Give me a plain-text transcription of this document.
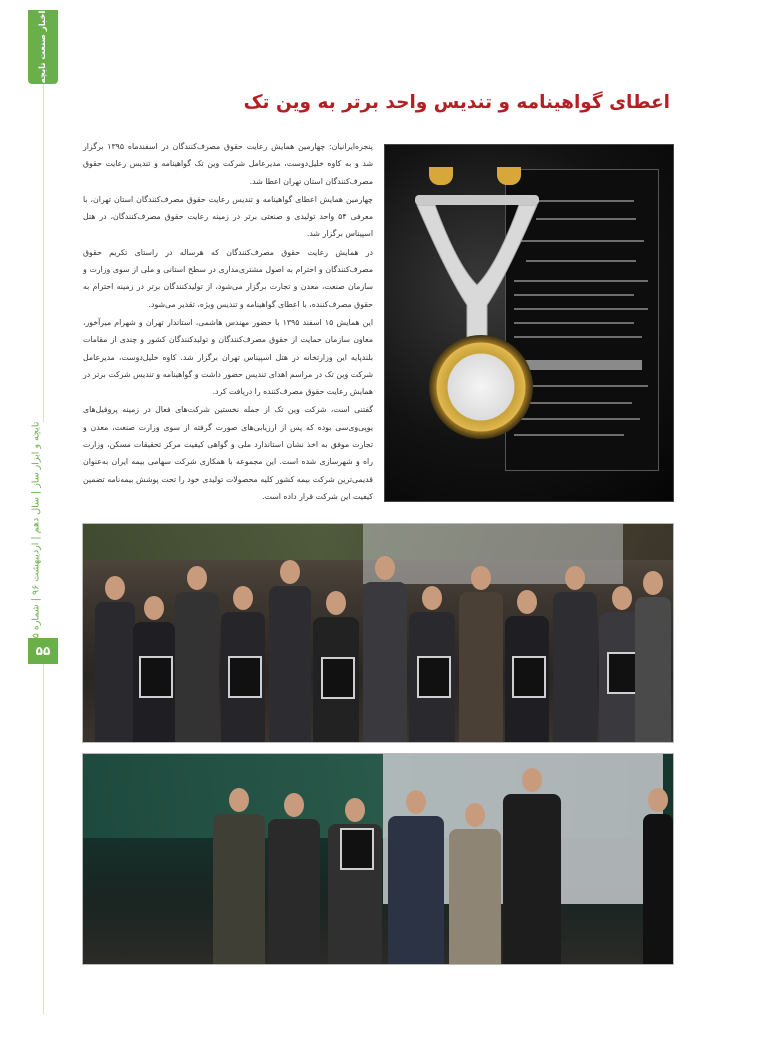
اخبار صنعت تایچه
تایچه و ابزار ساز | سال دهم | اردیبهشت ۹۶ | شماره
۵۵
اعطای گواهینامه و تندیس واحد برتر به وین تک

پنجره‌ایرانیان: چهارمین همایش رعایت حقوق مصرف‌کنندگان در اسفندماه ۱۳۹۵ برگزار شد و به کاوه خلیل‌دوست، مدیرعامل شرکت وین تک گواهینامه و تندیس رعایت حقوق مصرف‌کنندگان استان تهران اعطا شد.

چهارمین همایش اعطای گواهینامه و تندیس رعایت حقوق مصرف‌کنندگان استان تهران، با معرفی ۵۴ واحد تولیدی و صنعتی برتر در زمینه رعایت حقوق مصرف‌کنندگان، در هتل اسپیناس برگزار شد.

در همایش رعایت حقوق مصرف‌کنندگان که هرساله در راستای تکریم حقوق مصرف‌کنندگان و احترام به اصول مشتری‌مداری در سطح استانی و ملی از سوی وزارت و سازمان صنعت، معدن و تجارت برگزار می‌شود، از تولیدکنندگان برتر در زمینه احترام به حقوق مصرف‌کننده، با اعطای گواهینامه و تندیس ویژه، تقدیر می‌شود.

این همایش ۱۵ اسفند ۱۳۹۵ با حضور مهندس هاشمی، استاندار تهران و شهرام میرآخور، معاون سازمان حمایت از حقوق مصرف‌کنندگان و تولیدکنندگان کشور و چندی از مقامات بلندپایه این وزارتخانه در هتل اسپیناس تهران برگزار شد. کاوه خلیل‌دوست، مدیرعامل شرکت وین تک در مراسم اهدای تندیس حضور داشت و گواهینامه و تندیس شرکت برتر در همایش رعایت حقوق مصرف‌کننده را دریافت کرد.

گفتنی است، شرکت وین تک از جمله نخستین شرکت‌های فعال در زمینه پروفیل‌های یوپی‌وی‌سی بوده که پس از ارزیابی‌های صورت گرفته از سوی وزارت صنعت، معدن و تجارت موفق به اخذ نشان استاندارد ملی و گواهی کیفیت مرکز تحقیقات مسکن، وزارت راه و شهرسازی شده است. این مجموعه با همکاری شرکت سهامی بیمه ایران به‌عنوان قدیمی‌ترین شرکت بیمه کشور کلیه محصولات تولیدی خود را تحت پوشش بیمه‌نامه تضمین کیفیت این شرکت قرار داده است.
